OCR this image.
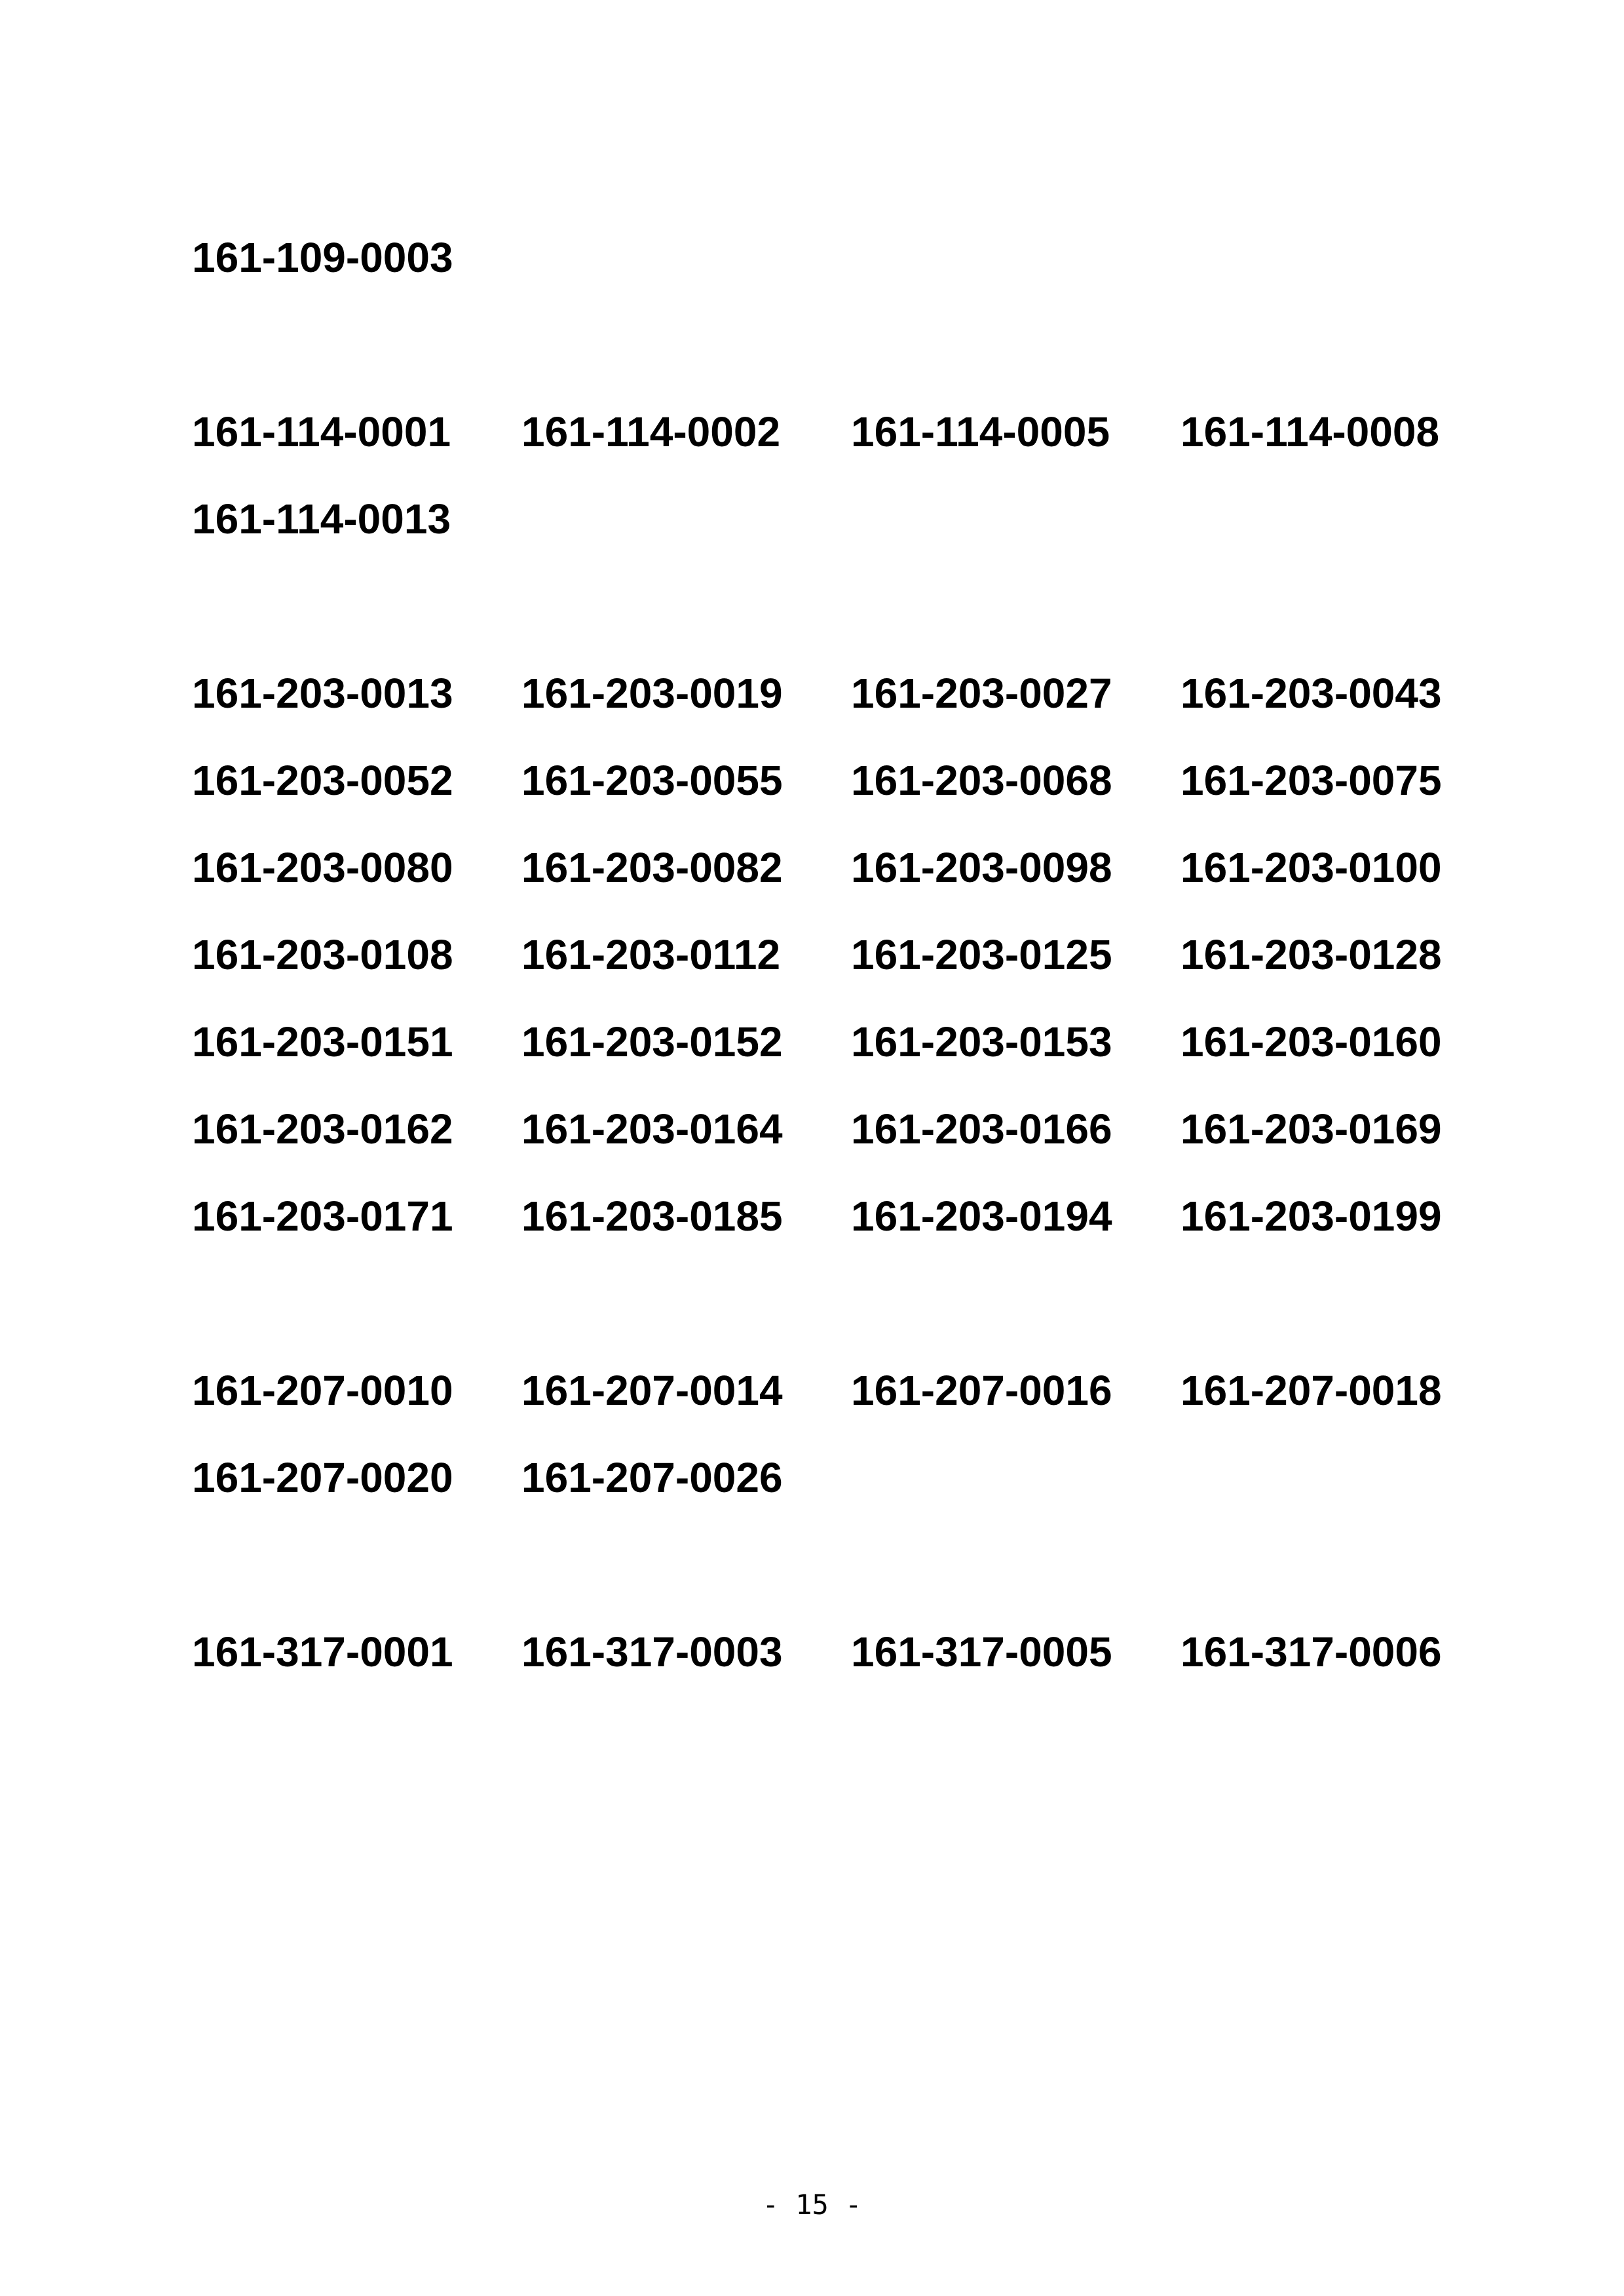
161-109-0003
161-114-0001	161-114-0002	161-114-0005	161-114-0008
161-114-0013
161-203-0013	161-203-0019	161-203-0027	161-203-0043
161-203-0052	161-203-0055	161-203-0068	161-203-0075
161-203-0080	161-203-0082	161-203-0098	161-203-0100
161-203-0108	161-203-0112	161-203-0125	161-203-0128
161-203-0151	161-203-0152	161-203-0153	161-203-0160
161-203-0162	161-203-0164	161-203-0166	161-203-0169
161-203-0171	161-203-0185	161-203-0194	161-203-0199
161-207-0010	161-207-0014	161-207-0016	161-207-0018
161-207-0020	161-207-0026
161-317-0001	161-317-0003	161-317-0005	161-317-0006
- 15 -
